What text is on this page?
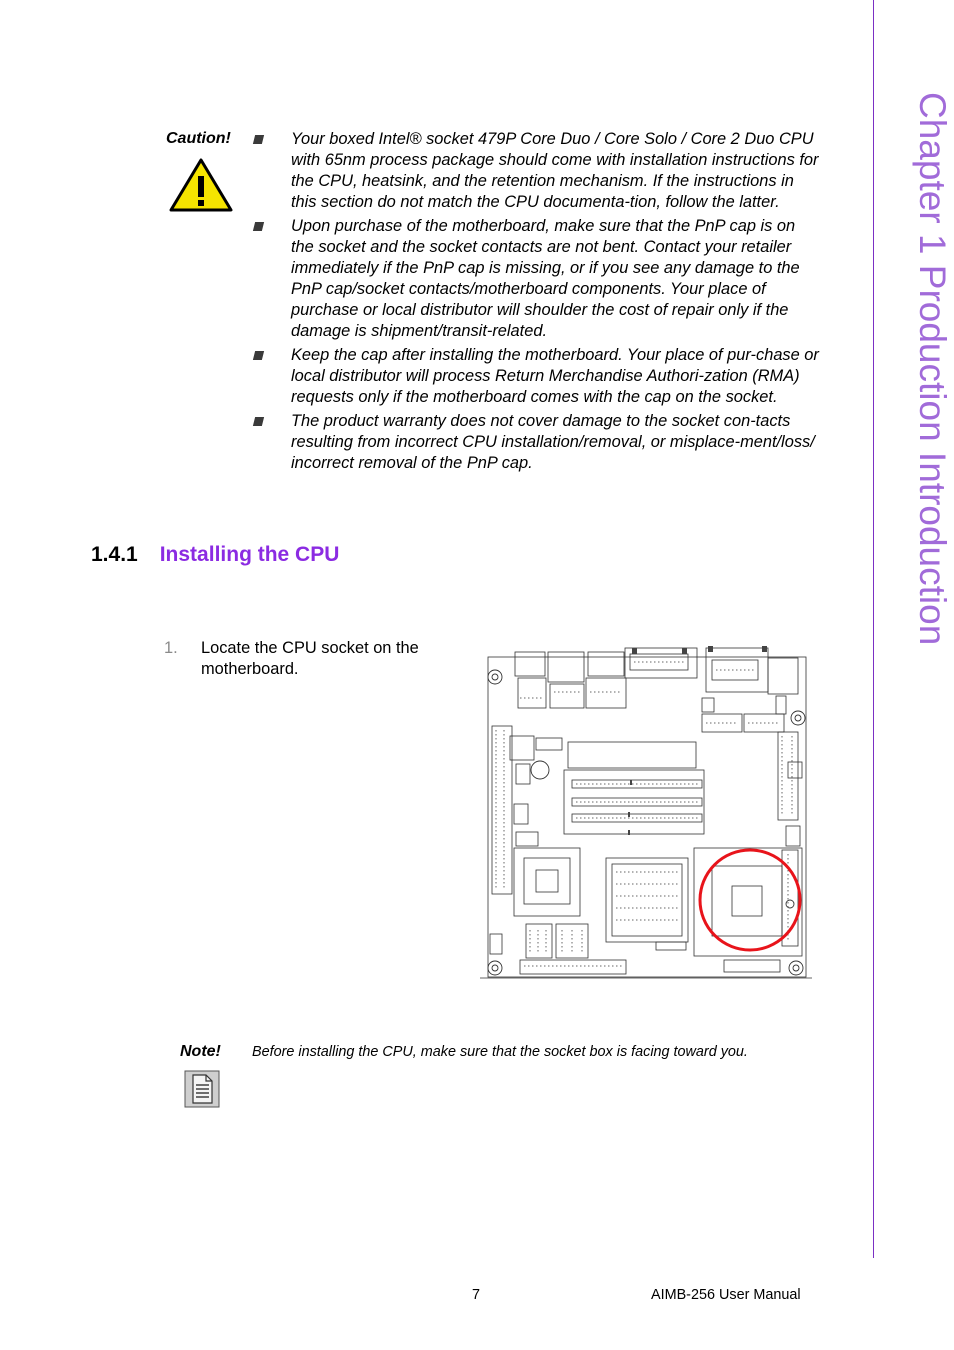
Chapter 1 Production Introduction
Caution!	Your boxed Intel® socket 479P Core Duo / Core Solo / Core 2 Duo CPU with 65nm process package should come with installation instructions for the CPU, heatsink, and the retention mechanism. If the instructions in this section do not match the CPU documenta-tion, follow the latter.
Upon purchase of the motherboard, make sure that the PnP cap is on the socket and the socket contacts are not bent. Contact your retailer immediately if the PnP cap is missing, or if you see any damage to the PnP cap/socket contacts/motherboard components. Your place of purchase or local distributor will shoulder the cost of repair only if the damage is shipment/transit-related.
Keep the cap after installing the motherboard. Your place of pur-chase or local distributor will process Return Merchandise Authori-zation (RMA) requests only if the motherboard comes with the cap on the socket.
The product warranty does not cover damage to the socket con-tacts resulting from incorrect CPU installation/removal, or misplace-ment/loss/ incorrect removal of the PnP cap.
1.4.1 Installing the CPU
1. Locate the CPU socket on the motherboard.
Note! Before installing the CPU, make sure that the socket box is facing toward you.
7	AIMB-256 User Manual
